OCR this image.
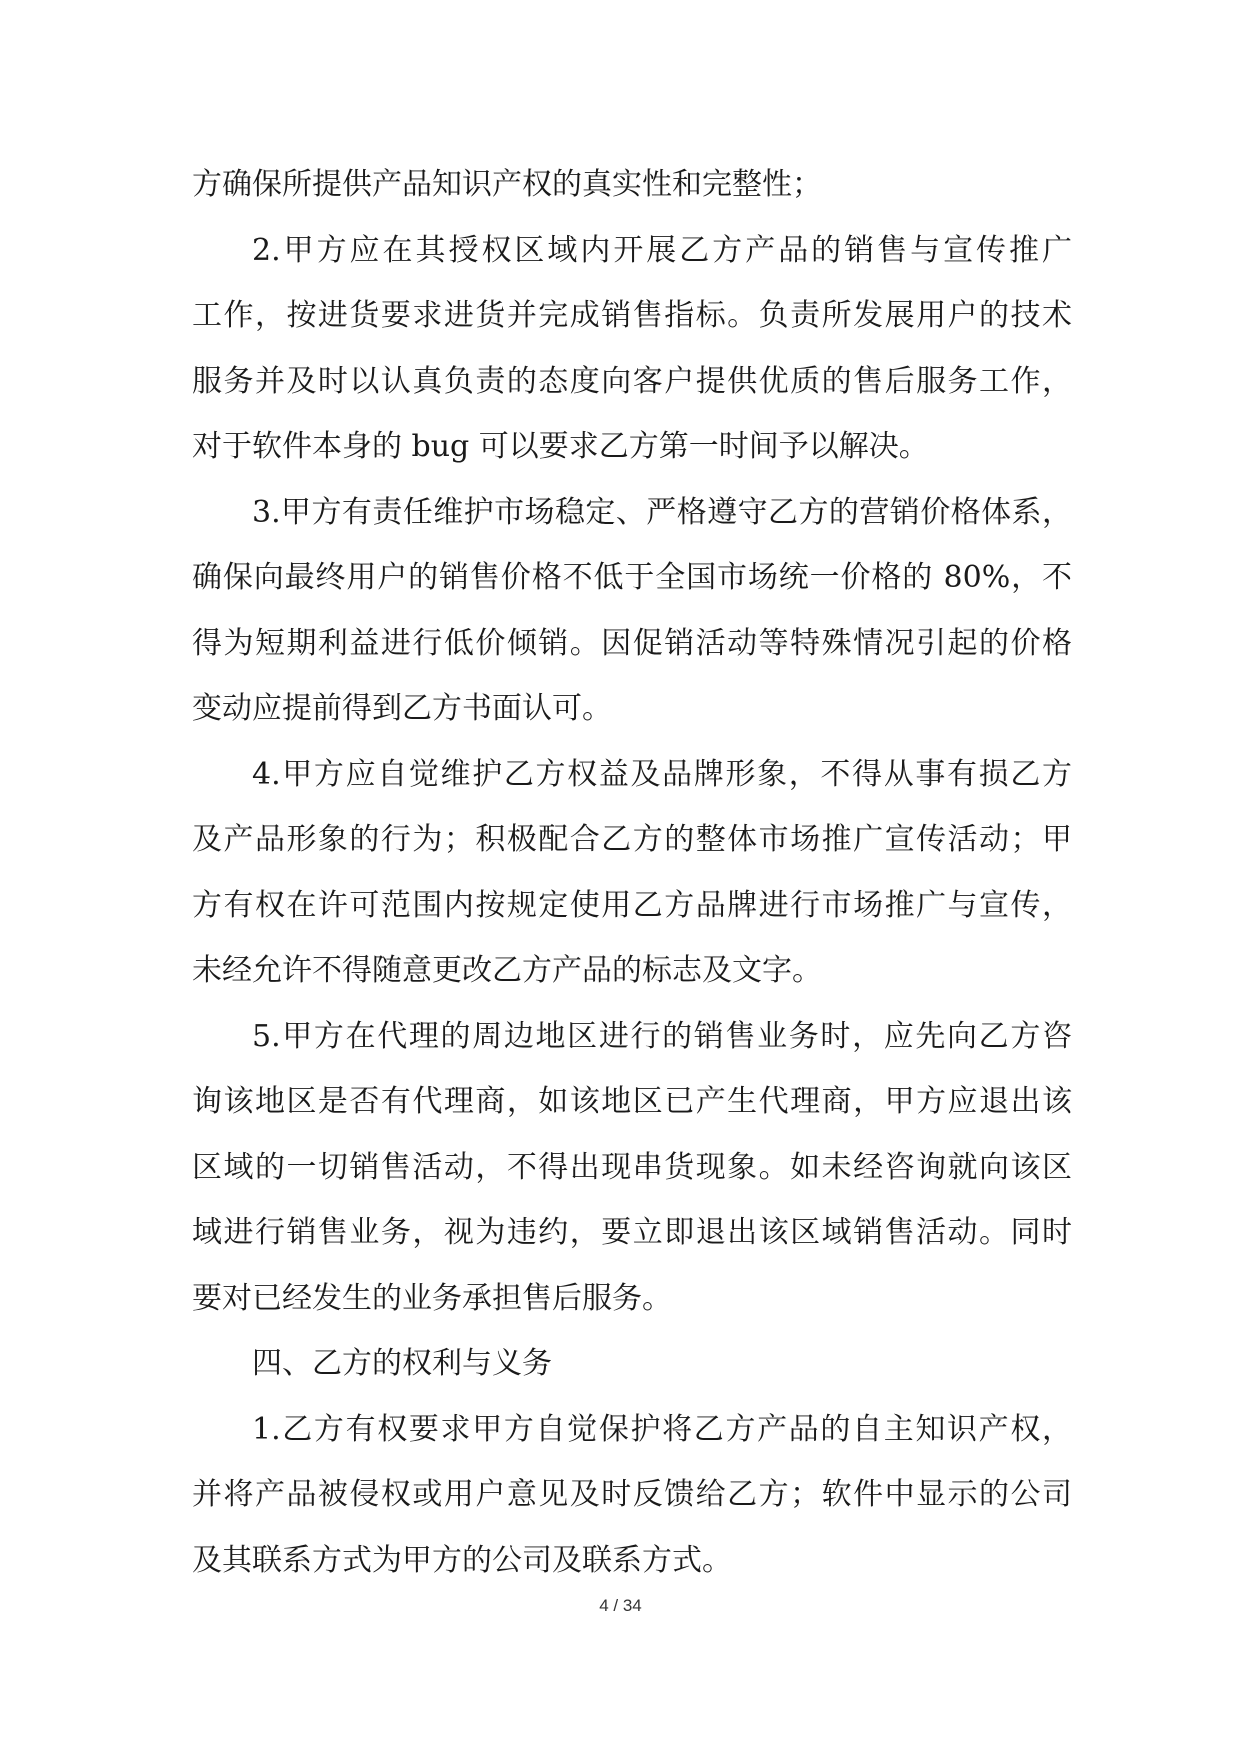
方确保所提供产品知识产权的真实性和完整性；
2.甲方应在其授权区域内开展乙方产品的销售与宣传推广
工作，按进货要求进货并完成销售指标。负责所发展用户的技术
服务并及时以认真负责的态度向客户提供优质的售后服务工作，
对于软件本身的 bug 可以要求乙方第一时间予以解决。
3.甲方有责任维护市场稳定、严格遵守乙方的营销价格体系，
确保向最终用户的销售价格不低于全国市场统一价格的 80%，不
得为短期利益进行低价倾销。因促销活动等特殊情况引起的价格
变动应提前得到乙方书面认可。
4.甲方应自觉维护乙方权益及品牌形象，不得从事有损乙方
及产品形象的行为；积极配合乙方的整体市场推广宣传活动；甲
方有权在许可范围内按规定使用乙方品牌进行市场推广与宣传，
未经允许不得随意更改乙方产品的标志及文字。
5.甲方在代理的周边地区进行的销售业务时，应先向乙方咨
询该地区是否有代理商，如该地区已产生代理商，甲方应退出该
区域的一切销售活动，不得出现串货现象。如未经咨询就向该区
域进行销售业务，视为违约，要立即退出该区域销售活动。同时
要对已经发生的业务承担售后服务。
四、乙方的权利与义务
1.乙方有权要求甲方自觉保护将乙方产品的自主知识产权，
并将产品被侵权或用户意见及时反馈给乙方；软件中显示的公司
及其联系方式为甲方的公司及联系方式。
4 / 34
